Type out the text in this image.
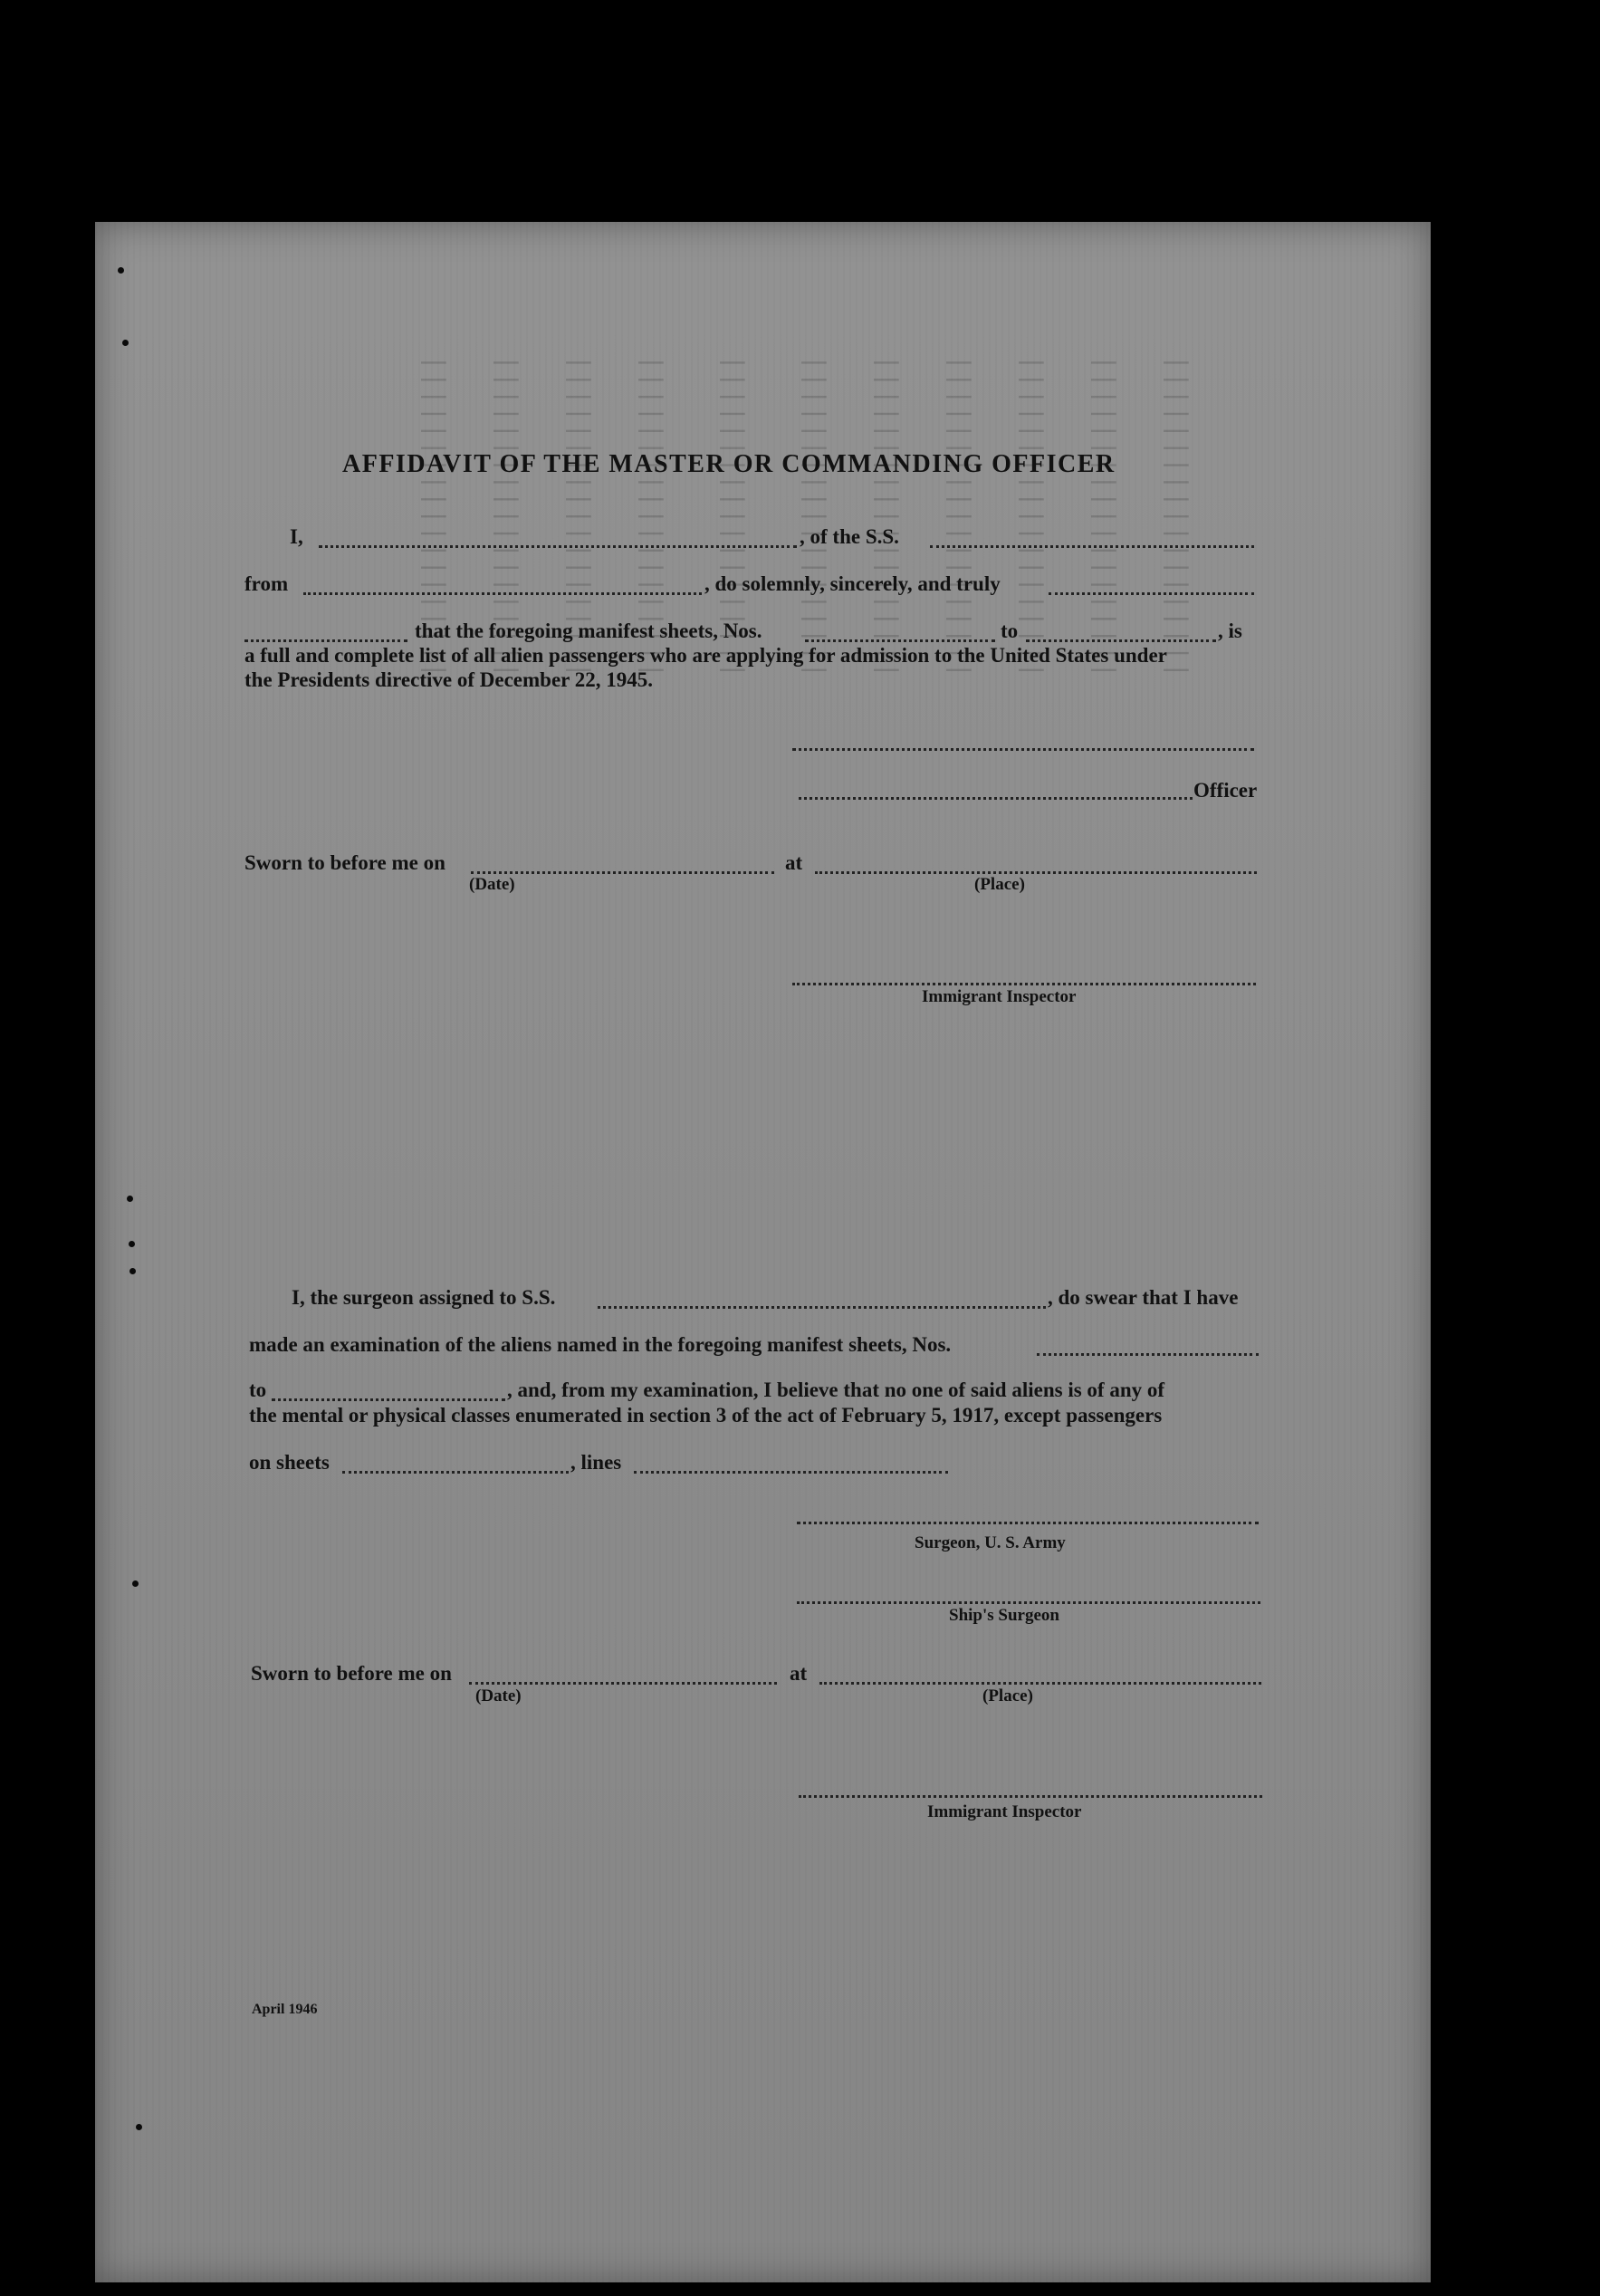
||||||||||||||||||| ||||||||||||||||||| ||||||||||||||||||| ||||||||||||||||||| ||||||||||||||||||| ||||||||||||||||||| ||||||||||||||||||| ||||||||||||||||||| ||||||||||||||||||| ||||||||||||||||||| |||||||||||||||||||
AFFIDAVIT OF THE MASTER OR COMMANDING OFFICER
I,	, of the S.S.
from	, do solemnly, sincerely, and truly
that the foregoing manifest sheets, Nos.	to	, is
a full and complete list of all alien passengers who are applying for admission to the United States under
the Presidents directive of December 22, 1945.
Officer
Sworn to before me on	at
(Date)	(Place)
Immigrant Inspector
I, the surgeon assigned to S.S.	, do swear that I have
made an examination of the aliens named in the foregoing manifest sheets, Nos.
to	, and, from my examination, I believe that no one of said aliens is of any of
the mental or physical classes enumerated in section 3 of the act of February 5, 1917, except passengers
on sheets	, lines
Surgeon, U. S. Army
Ship's Surgeon
Sworn to before me on	at
(Date)	(Place)
Immigrant Inspector
April 1946
